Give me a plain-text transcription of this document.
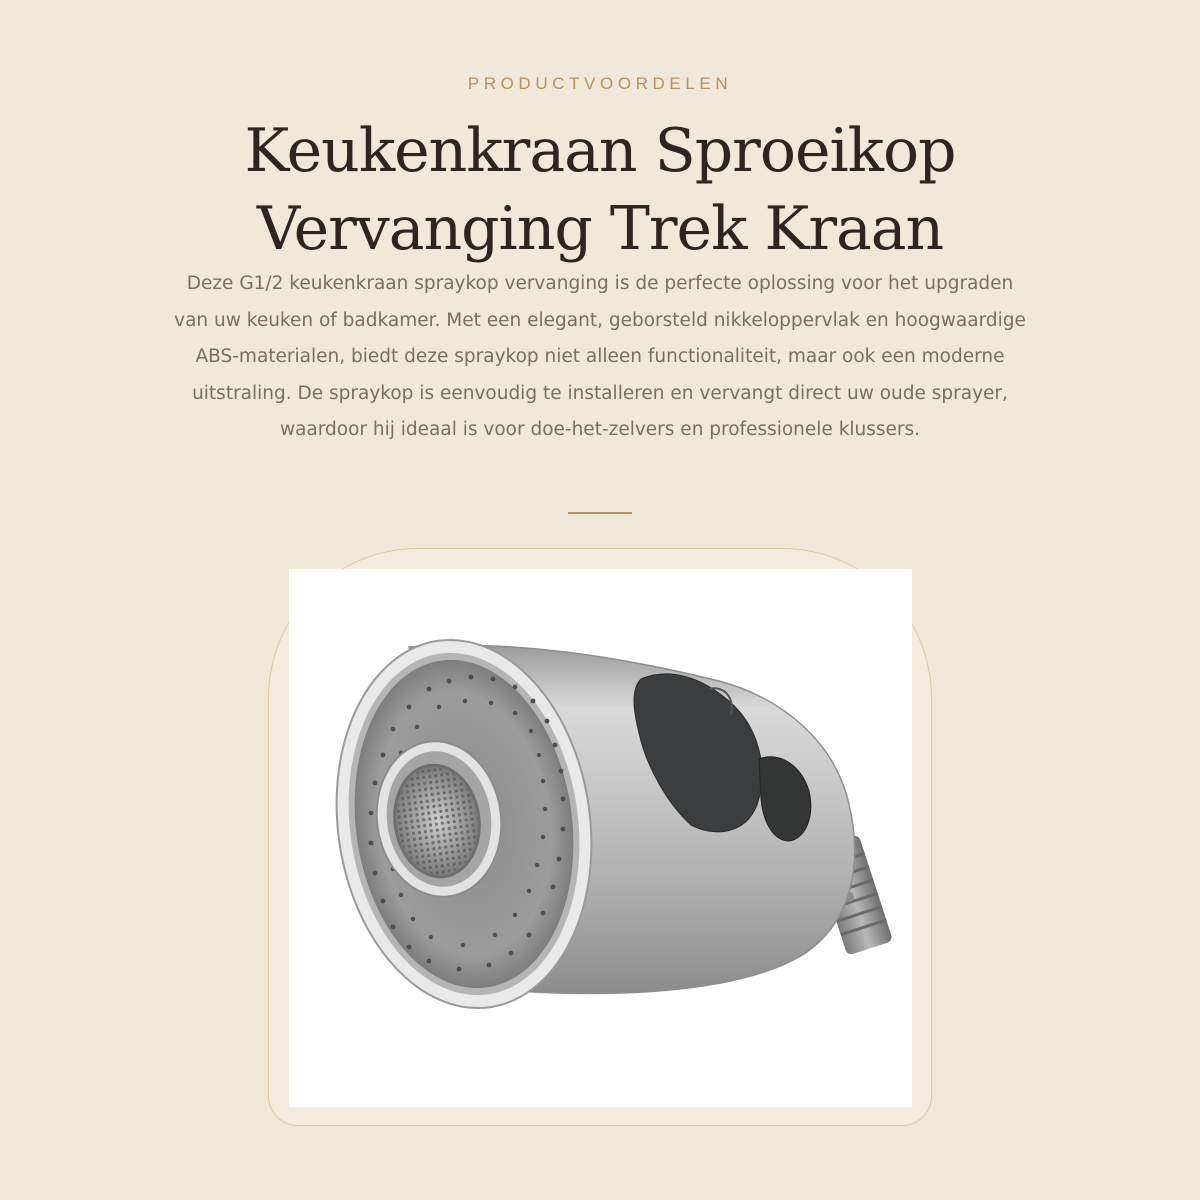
PRODUCTVOORDELEN
Keukenkraan Sproeikop Vervanging Trek Kraan

Deze G1/2 keukenkraan spraykop vervanging is de perfecte oplossing voor het upgraden van uw keuken of badkamer. Met een elegant, geborsteld nikkeloppervlak en hoogwaardige ABS-materialen, biedt deze spraykop niet alleen functionaliteit, maar ook een moderne uitstraling. De spraykop is eenvoudig te installeren en vervangt direct uw oude sprayer, waardoor hij ideaal is voor doe-het-zelvers en professionele klussers.
